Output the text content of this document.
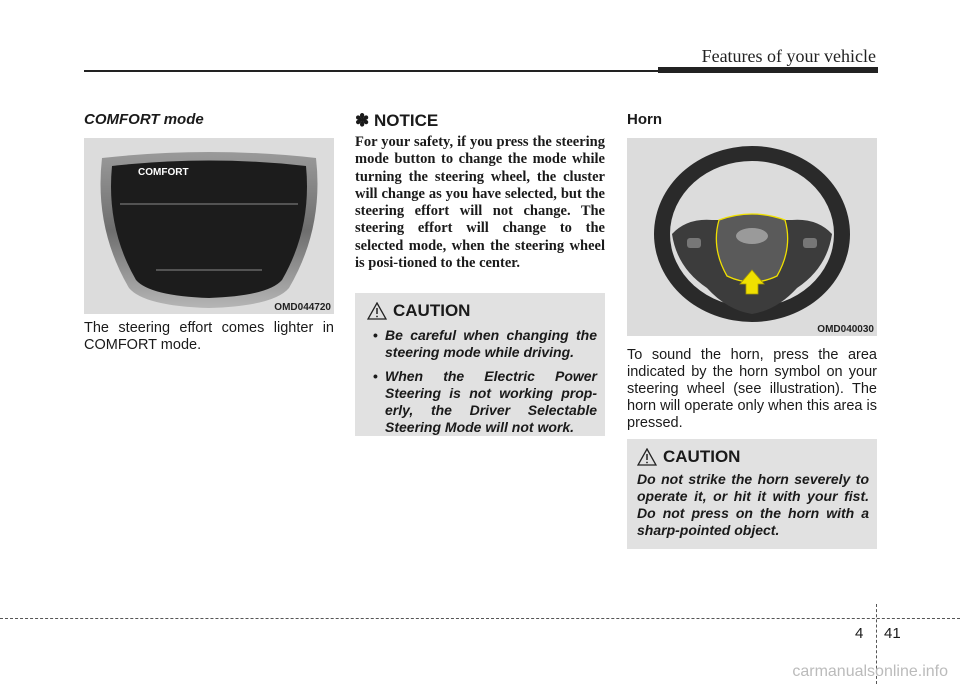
Features of your vehicle
COMFORT mode
COMFORT
OMD044720
The steering effort comes lighter in COMFORT mode.
✽ NOTICE
For your safety, if you press the steering mode button to change the mode while turning the steering wheel, the cluster will change as you have selected, but the steering effort will not change. The steering effort will change to the selected mode, when the steering wheel is posi-tioned to the center.
CAUTION
• Be careful when changing the steering mode while driving.
• When the Electric Power Steering is not working prop-erly, the Driver Selectable Steering Mode will not work.
Horn
OMD040030
To sound the horn, press the area indicated by the horn symbol on your steering wheel (see illustration). The horn will operate only when this area is pressed.
CAUTION
Do not strike the horn severely to operate it, or hit it with your fist. Do not press on the horn with a sharp-pointed object.
4 41
carmanualsonline.info
